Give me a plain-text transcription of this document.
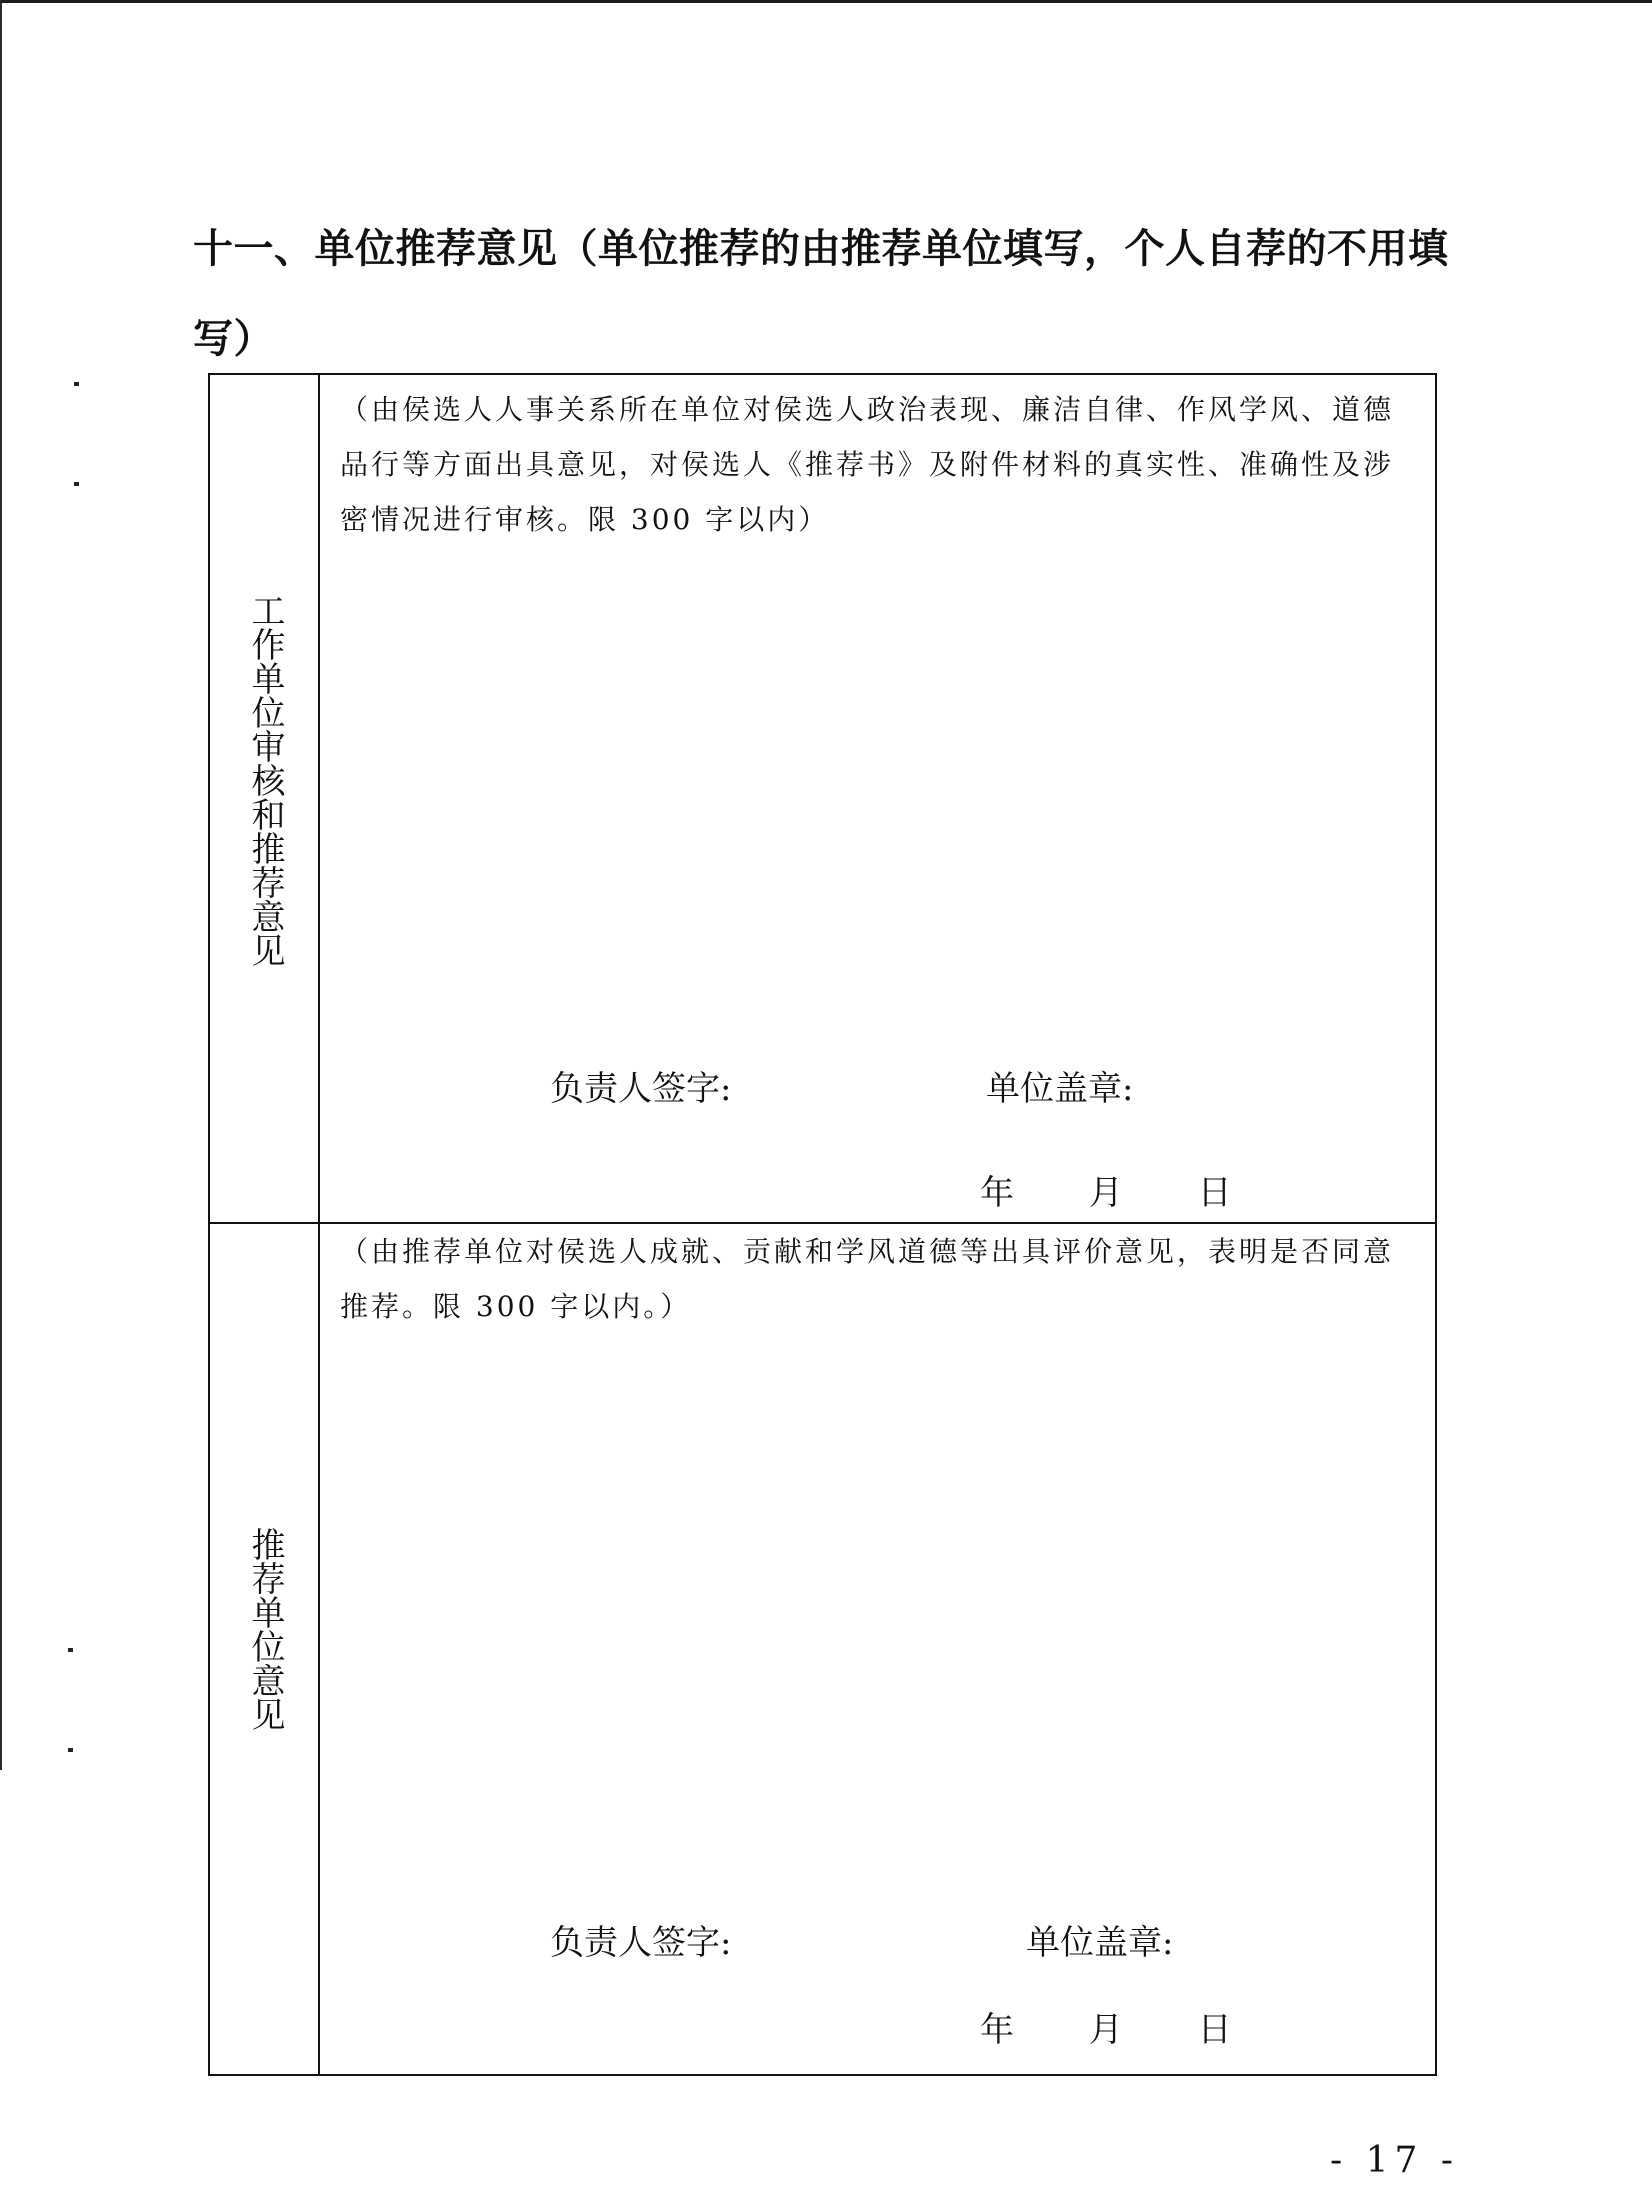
十一、单位推荐意见（单位推荐的由推荐单位填写，个人自荐的不用填写）
工作单位审核和推荐意见
（由侯选人人事关系所在单位对侯选人政治表现、廉洁自律、作风学风、道德品行等方面出具意见，对侯选人《推荐书》及附件材料的真实性、准确性及涉密情况进行审核。限 300 字以内）
负责人签字:	单位盖章:
年 月 日
推荐单位意见
（由推荐单位对侯选人成就、贡献和学风道德等出具评价意见，表明是否同意推荐。限 300 字以内。）
负责人签字:	单位盖章:
年 月 日
- 17 -
